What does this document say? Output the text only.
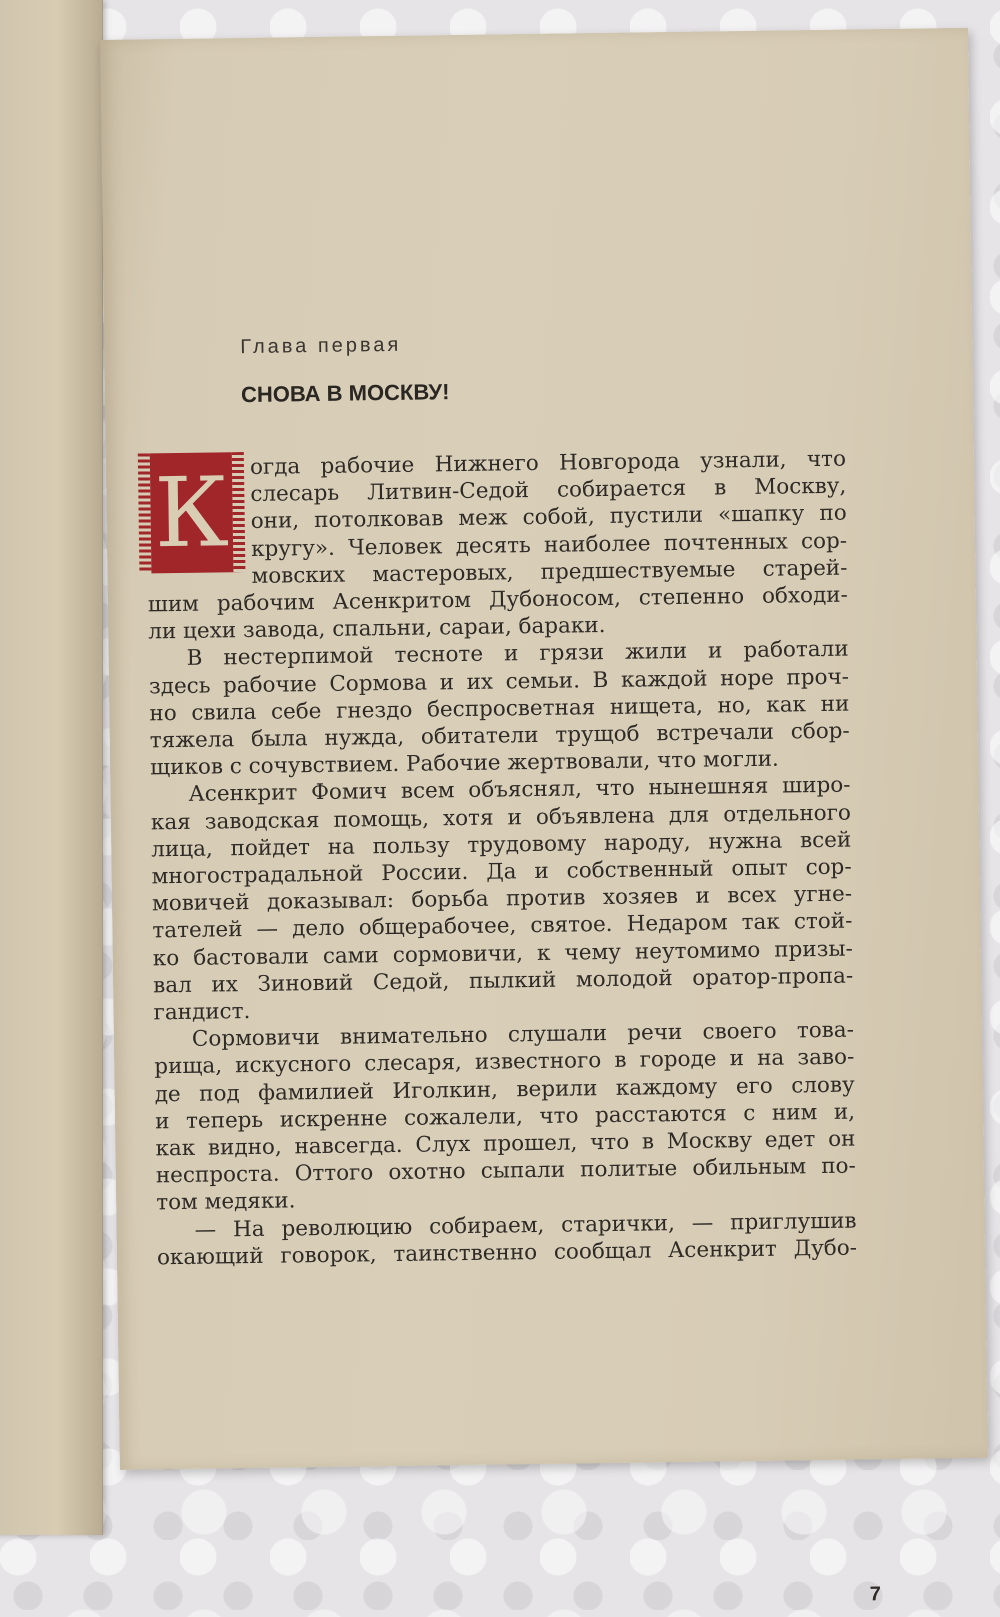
Глава первая
СНОВА В МОСКВУ!
К огда рабочие Нижнего Новгорода узнали, что
слесарь Литвин-Седой собирается в Москву,
они, потолковав меж собой, пустили «шапку по
кругу». Человек десять наиболее почтенных сор-
мовских мастеровых, предшествуемые старей-
шим рабочим Асенкритом Дубоносом, степенно обходи-
ли цехи завода, спальни, сараи, бараки.
В нестерпимой тесноте и грязи жили и работали
здесь рабочие Сормова и их семьи. В каждой норе проч-
но свила себе гнездо беспросветная нищета, но, как ни
тяжела была нужда, обитатели трущоб встречали сбор-
щиков с сочувствием. Рабочие жертвовали, что могли.
Асенкрит Фомич всем объяснял, что нынешняя широ-
кая заводская помощь, хотя и объявлена для отдельного
лица, пойдет на пользу трудовому народу, нужна всей
многострадальной России. Да и собственный опыт сор-
мовичей доказывал: борьба против хозяев и всех угне-
тателей — дело общерабочее, святое. Недаром так стой-
ко бастовали сами сормовичи, к чему неутомимо призы-
вал их Зиновий Седой, пылкий молодой оратор-пропа-
гандист.
Сормовичи внимательно слушали речи своего това-
рища, искусного слесаря, известного в городе и на заво-
де под фамилией Иголкин, верили каждому его слову
и теперь искренне сожалели, что расстаются с ним и,
как видно, навсегда. Слух прошел, что в Москву едет он
неспроста. Оттого охотно сыпали политые обильным по-
том медяки.
— На революцию собираем, старички, — приглушив
окающий говорок, таинственно сообщал Асенкрит Дубо-
7
